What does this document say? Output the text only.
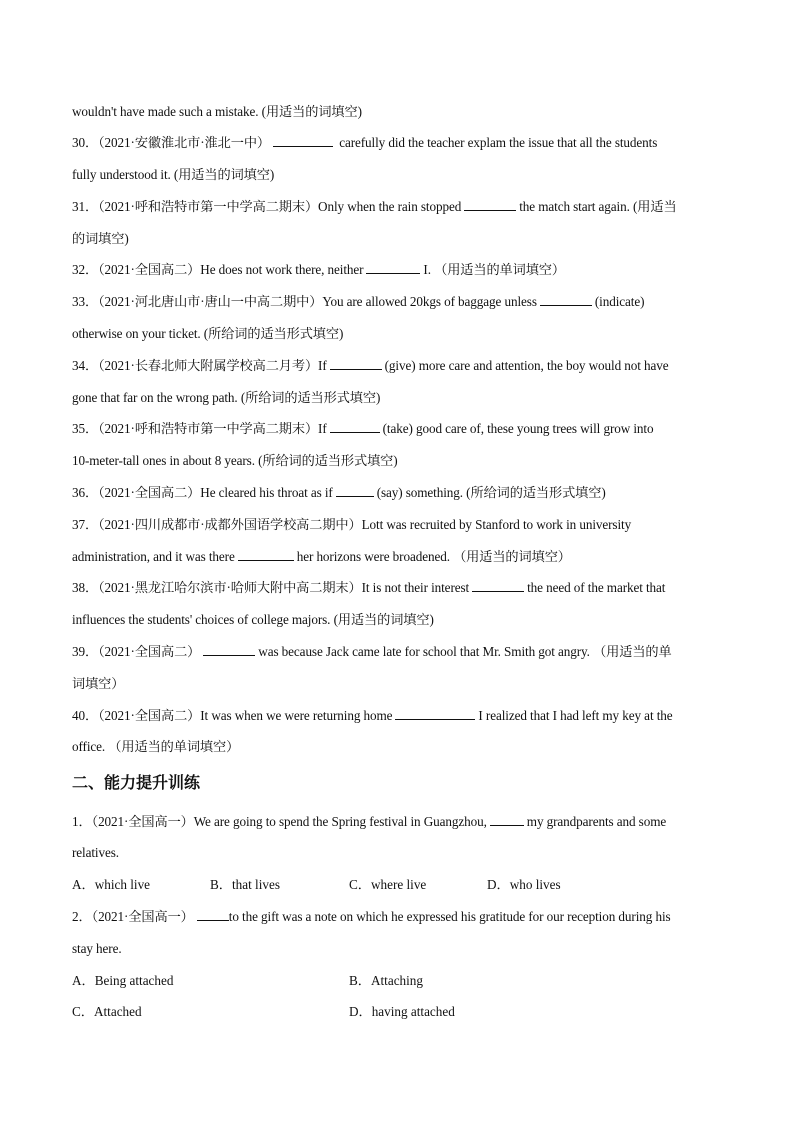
wouldn't have made such a mistake. (用适当的词填空)
30．（2021·安徽淮北市·淮北一中）	carefully did the teacher explam the issue that all the students
fully understood it. (用适当的词填空)
31．（2021·呼和浩特市第一中学高二期末）Only when the rain stopped	the match start again. (用适当
的词填空)
32．（2021·全国高二）He does not work there, neither	I. （用适当的单词填空）
33．（2021·河北唐山市·唐山一中高二期中）You are allowed 20kgs of baggage unless	(indicate)
otherwise on your ticket. (所给词的适当形式填空)
34．（2021·长春北师大附属学校高二月考）If	(give) more care and attention, the boy would not have
gone that far on the wrong path. (所给词的适当形式填空)
35．（2021·呼和浩特市第一中学高二期末）If	(take) good care of, these young trees will grow into
10-meter-tall ones in about 8 years. (所给词的适当形式填空)
36．（2021·全国高二）He cleared his throat as if	(say) something. (所给词的适当形式填空)
37．（2021·四川成都市·成都外国语学校高二期中）Lott was recruited by Stanford to work in university
administration, and it was there	her horizons were broadened. （用适当的词填空）
38．（2021·黑龙江哈尔滨市·哈师大附中高二期末）It is not their interest	the need of the market that
influences the students' choices of college majors. (用适当的词填空)
39．（2021·全国高二）	was because Jack came late for school that Mr. Smith got angry. （用适当的单
词填空）
40．（2021·全国高二）It was when we were returning home	I realized that I had left my key at the
office. （用适当的单词填空）
二、能力提升训练
1．（2021·全国高一）We are going to spend the Spring festival in Guangzhou,	my grandparents and some
relatives.
A．which live	B．that lives	C．where live	D．who lives
2．（2021·全国高一）	to the gift was a note on which he expressed his gratitude for our reception during his
stay here.
A．Being attached	B．Attaching
C．Attached	D．having attached
